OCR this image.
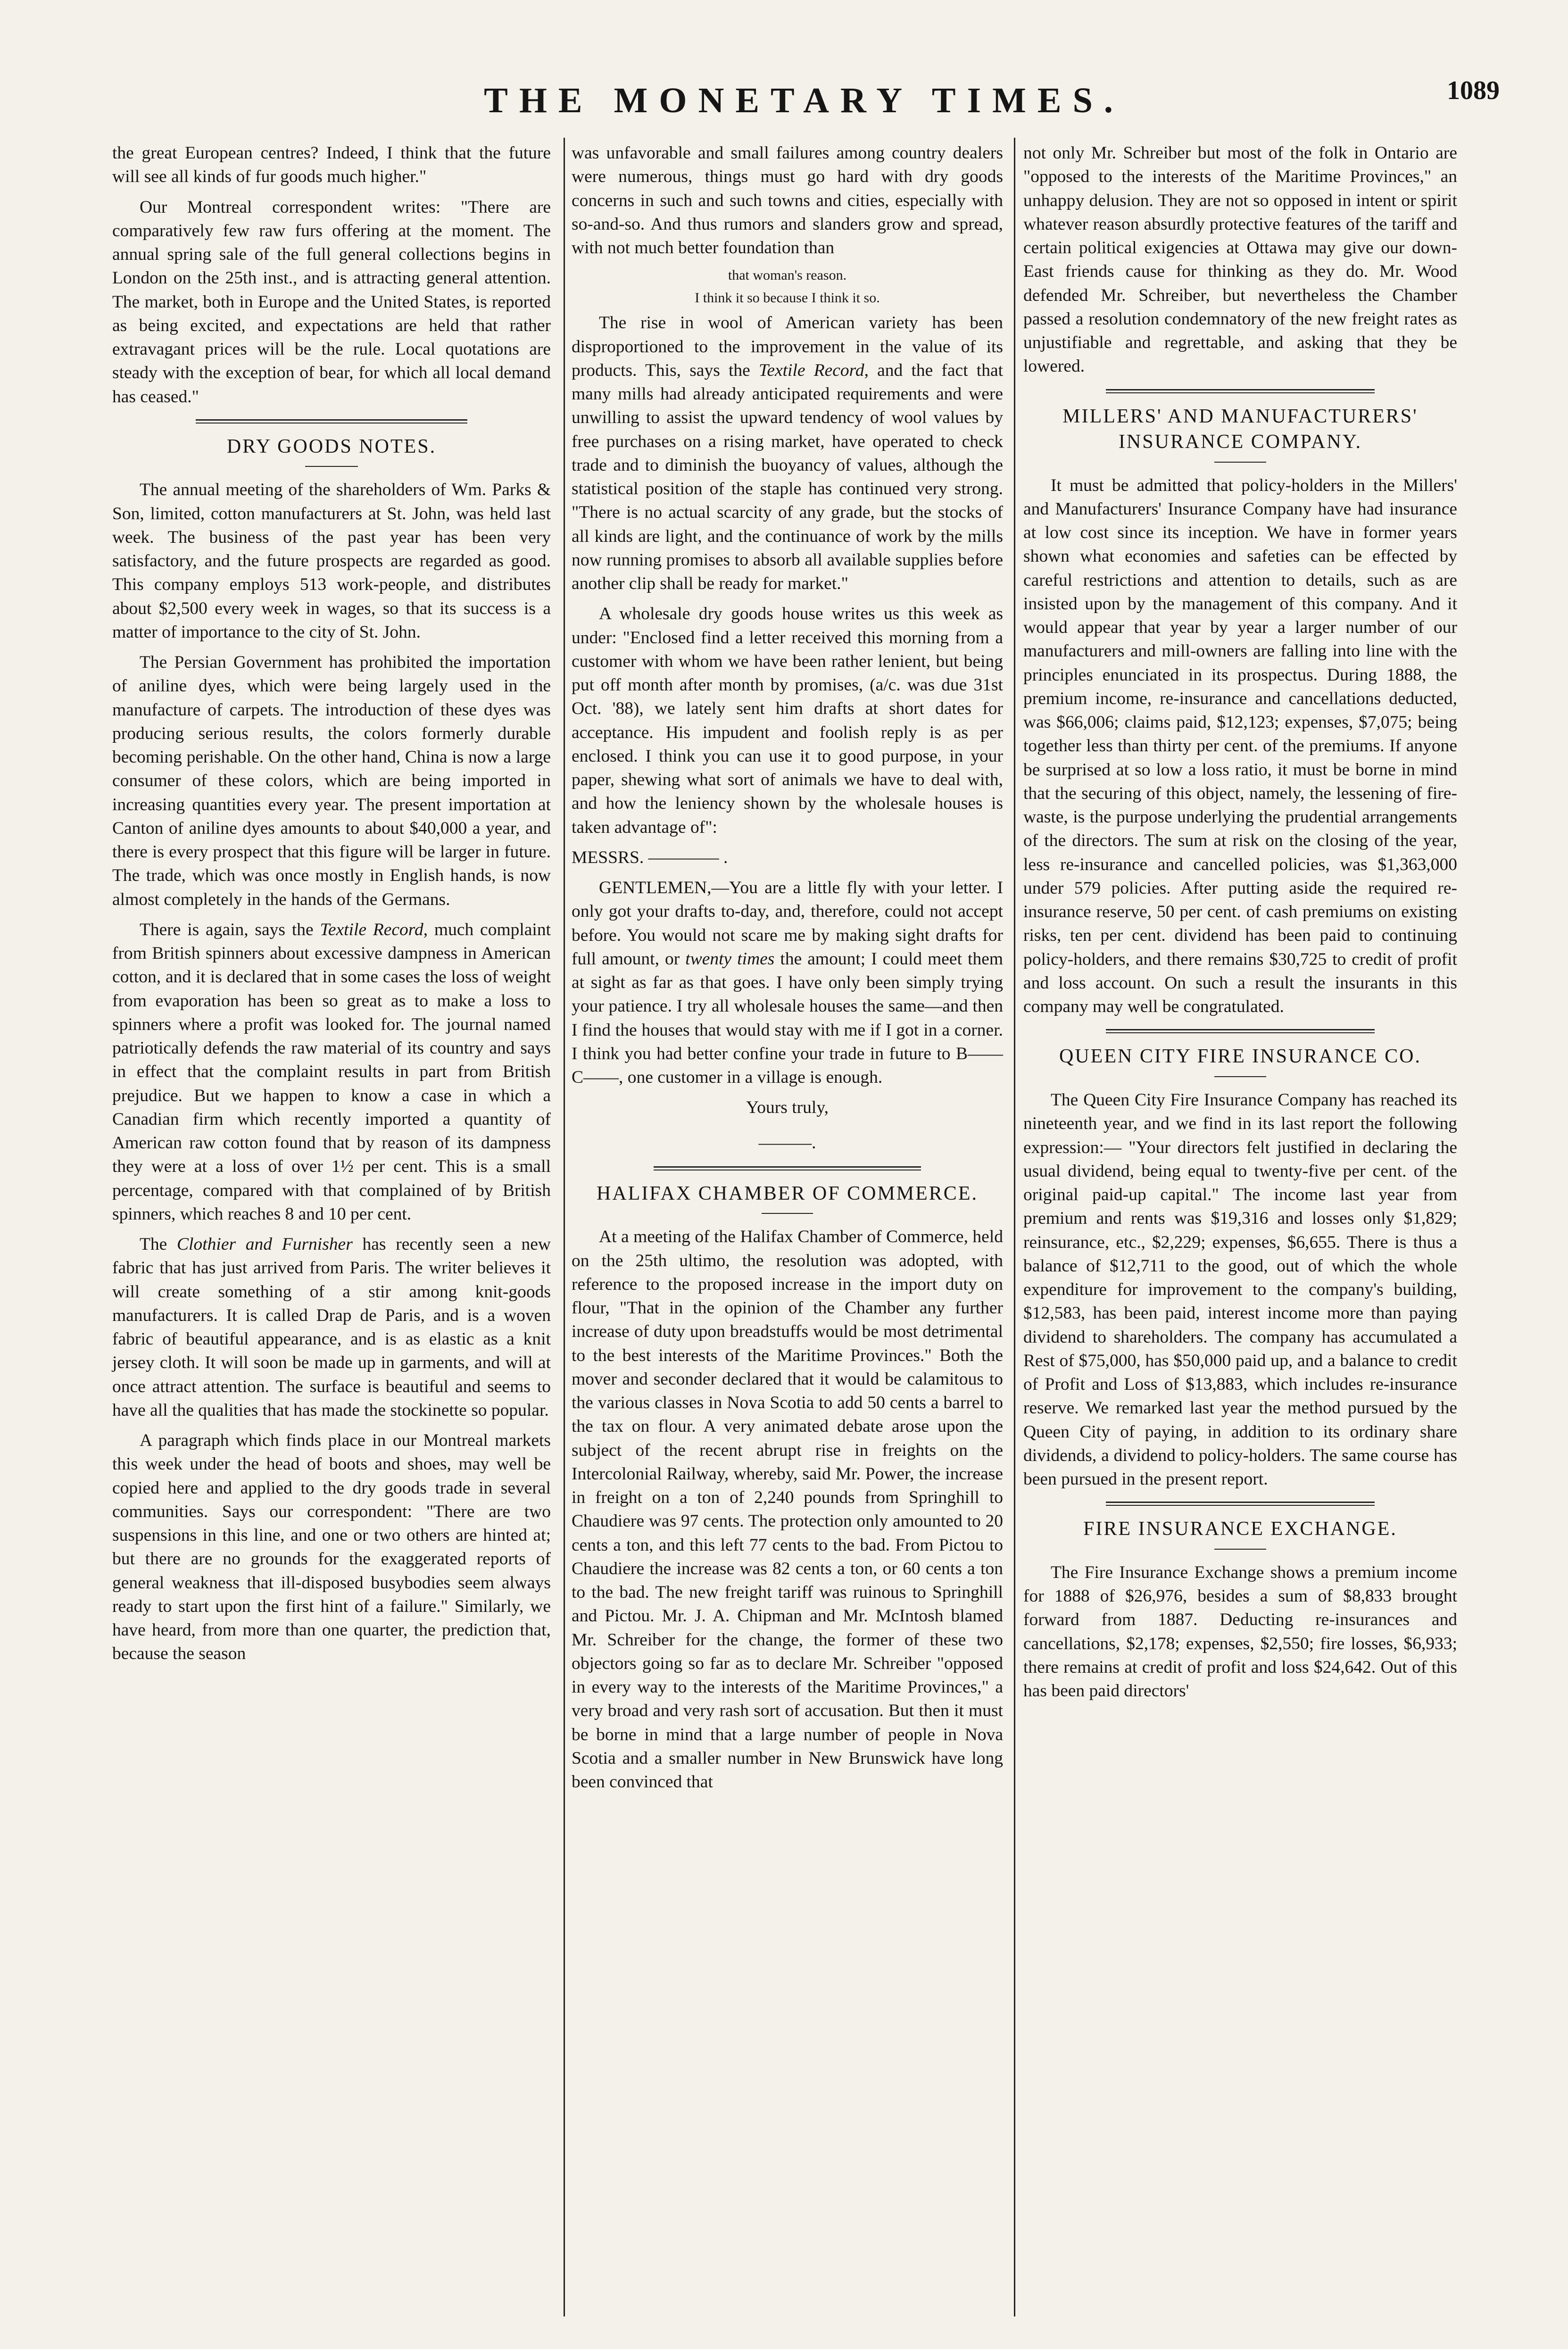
THE MONETARY TIMES.	1089

the great European centres? Indeed, I think that the future will see all kinds of fur goods much higher."

Our Montreal correspondent writes: "There are comparatively few raw furs offering at the moment. The annual spring sale of the full general collections begins in London on the 25th inst., and is attracting general attention. The market, both in Europe and the United States, is reported as being excited, and expectations are held that rather extravagant prices will be the rule. Local quotations are steady with the exception of bear, for which all local demand has ceased."

DRY GOODS NOTES.

The annual meeting of the shareholders of Wm. Parks & Son, limited, cotton manufacturers at St. John, was held last week. The business of the past year has been very satisfactory, and the future prospects are regarded as good. This company employs 513 work-people, and distributes about $2,500 every week in wages, so that its success is a matter of importance to the city of St. John.

The Persian Government has prohibited the importation of aniline dyes, which were being largely used in the manufacture of carpets. The introduction of these dyes was producing serious results, the colors formerly durable becoming perishable. On the other hand, China is now a large consumer of these colors, which are being imported in increasing quantities every year. The present importation at Canton of aniline dyes amounts to about $40,000 a year, and there is every prospect that this figure will be larger in future. The trade, which was once mostly in English hands, is now almost completely in the hands of the Germans.

There is again, says the Textile Record, much complaint from British spinners about excessive dampness in American cotton, and it is declared that in some cases the loss of weight from evaporation has been so great as to make a loss to spinners where a profit was looked for. The journal named patriotically defends the raw material of its country and says in effect that the complaint results in part from British prejudice. But we happen to know a case in which a Canadian firm which recently imported a quantity of American raw cotton found that by reason of its dampness they were at a loss of over 1½ per cent. This is a small percentage, compared with that complained of by British spinners, which reaches 8 and 10 per cent.

The Clothier and Furnisher has recently seen a new fabric that has just arrived from Paris. The writer believes it will create something of a stir among knit-goods manufacturers. It is called Drap de Paris, and is a woven fabric of beautiful appearance, and is as elastic as a knit jersey cloth. It will soon be made up in garments, and will at once attract attention. The surface is beautiful and seems to have all the qualities that has made the stockinette so popular.

A paragraph which finds place in our Montreal markets this week under the head of boots and shoes, may well be copied here and applied to the dry goods trade in several communities. Says our correspondent: "There are two suspensions in this line, and one or two others are hinted at; but there are no grounds for the exaggerated reports of general weakness that ill-disposed busybodies seem always ready to start upon the first hint of a failure." Similarly, we have heard, from more than one quarter, the prediction that, because the season

was unfavorable and small failures among country dealers were numerous, things must go hard with dry goods concerns in such and such towns and cities, especially with so-and-so. And thus rumors and slanders grow and spread, with not much better foundation than

that woman's reason.
I think it so because I think it so.

The rise in wool of American variety has been disproportioned to the improvement in the value of its products. This, says the Textile Record, and the fact that many mills had already anticipated requirements and were unwilling to assist the upward tendency of wool values by free purchases on a rising market, have operated to check trade and to diminish the buoyancy of values, although the statistical position of the staple has continued very strong. "There is no actual scarcity of any grade, but the stocks of all kinds are light, and the continuance of work by the mills now running promises to absorb all available supplies before another clip shall be ready for market."

A wholesale dry goods house writes us this week as under: "Enclosed find a letter received this morning from a customer with whom we have been rather lenient, but being put off month after month by promises, (a/c. was due 31st Oct. '88), we lately sent him drafts at short dates for acceptance. His impudent and foolish reply is as per enclosed. I think you can use it to good purpose, in your paper, shewing what sort of animals we have to deal with, and how the leniency shown by the wholesale houses is taken advantage of":

MESSRS. ———— .

GENTLEMEN,—You are a little fly with your letter. I only got your drafts to-day, and, therefore, could not accept before. You would not scare me by making sight drafts for full amount, or twenty times the amount; I could meet them at sight as far as that goes. I have only been simply trying your patience. I try all wholesale houses the same—and then I find the houses that would stay with me if I got in a corner. I think you had better confine your trade in future to B—— C——, one customer in a village is enough.

Yours truly,
———.
HALIFAX CHAMBER OF COMMERCE.

At a meeting of the Halifax Chamber of Commerce, held on the 25th ultimo, the resolution was adopted, with reference to the proposed increase in the import duty on flour, "That in the opinion of the Chamber any further increase of duty upon breadstuffs would be most detrimental to the best interests of the Maritime Provinces." Both the mover and seconder declared that it would be calamitous to the various classes in Nova Scotia to add 50 cents a barrel to the tax on flour. A very animated debate arose upon the subject of the recent abrupt rise in freights on the Intercolonial Railway, whereby, said Mr. Power, the increase in freight on a ton of 2,240 pounds from Springhill to Chaudiere was 97 cents. The protection only amounted to 20 cents a ton, and this left 77 cents to the bad. From Pictou to Chaudiere the increase was 82 cents a ton, or 60 cents a ton to the bad. The new freight tariff was ruinous to Springhill and Pictou. Mr. J. A. Chipman and Mr. McIntosh blamed Mr. Schreiber for the change, the former of these two objectors going so far as to declare Mr. Schreiber "opposed in every way to the interests of the Maritime Provinces," a very broad and very rash sort of accusation. But then it must be borne in mind that a large number of people in Nova Scotia and a smaller number in New Brunswick have long been convinced that

not only Mr. Schreiber but most of the folk in Ontario are "opposed to the interests of the Maritime Provinces," an unhappy delusion. They are not so opposed in intent or spirit whatever reason absurdly protective features of the tariff and certain political exigencies at Ottawa may give our down-East friends cause for thinking as they do. Mr. Wood defended Mr. Schreiber, but nevertheless the Chamber passed a resolution condemnatory of the new freight rates as unjustifiable and regrettable, and asking that they be lowered.

MILLERS' AND MANUFACTURERS' INSURANCE COMPANY.

It must be admitted that policy-holders in the Millers' and Manufacturers' Insurance Company have had insurance at low cost since its inception. We have in former years shown what economies and safeties can be effected by careful restrictions and attention to details, such as are insisted upon by the management of this company. And it would appear that year by year a larger number of our manufacturers and mill-owners are falling into line with the principles enunciated in its prospectus. During 1888, the premium income, re-insurance and cancellations deducted, was $66,006; claims paid, $12,123; expenses, $7,075; being together less than thirty per cent. of the premiums. If anyone be surprised at so low a loss ratio, it must be borne in mind that the securing of this object, namely, the lessening of fire-waste, is the purpose underlying the prudential arrangements of the directors. The sum at risk on the closing of the year, less re-insurance and cancelled policies, was $1,363,000 under 579 policies. After putting aside the required re-insurance reserve, 50 per cent. of cash premiums on existing risks, ten per cent. dividend has been paid to continuing policy-holders, and there remains $30,725 to credit of profit and loss account. On such a result the insurants in this company may well be congratulated.

QUEEN CITY FIRE INSURANCE CO.

The Queen City Fire Insurance Company has reached its nineteenth year, and we find in its last report the following expression:— "Your directors felt justified in declaring the usual dividend, being equal to twenty-five per cent. of the original paid-up capital." The income last year from premium and rents was $19,316 and losses only $1,829; reinsurance, etc., $2,229; expenses, $6,655. There is thus a balance of $12,711 to the good, out of which the whole expenditure for improvement to the company's building, $12,583, has been paid, interest income more than paying dividend to shareholders. The company has accumulated a Rest of $75,000, has $50,000 paid up, and a balance to credit of Profit and Loss of $13,883, which includes re-insurance reserve. We remarked last year the method pursued by the Queen City of paying, in addition to its ordinary share dividends, a dividend to policy-holders. The same course has been pursued in the present report.

FIRE INSURANCE EXCHANGE.

The Fire Insurance Exchange shows a premium income for 1888 of $26,976, besides a sum of $8,833 brought forward from 1887. Deducting re-insurances and cancellations, $2,178; expenses, $2,550; fire losses, $6,933; there remains at credit of profit and loss $24,642. Out of this has been paid directors'
